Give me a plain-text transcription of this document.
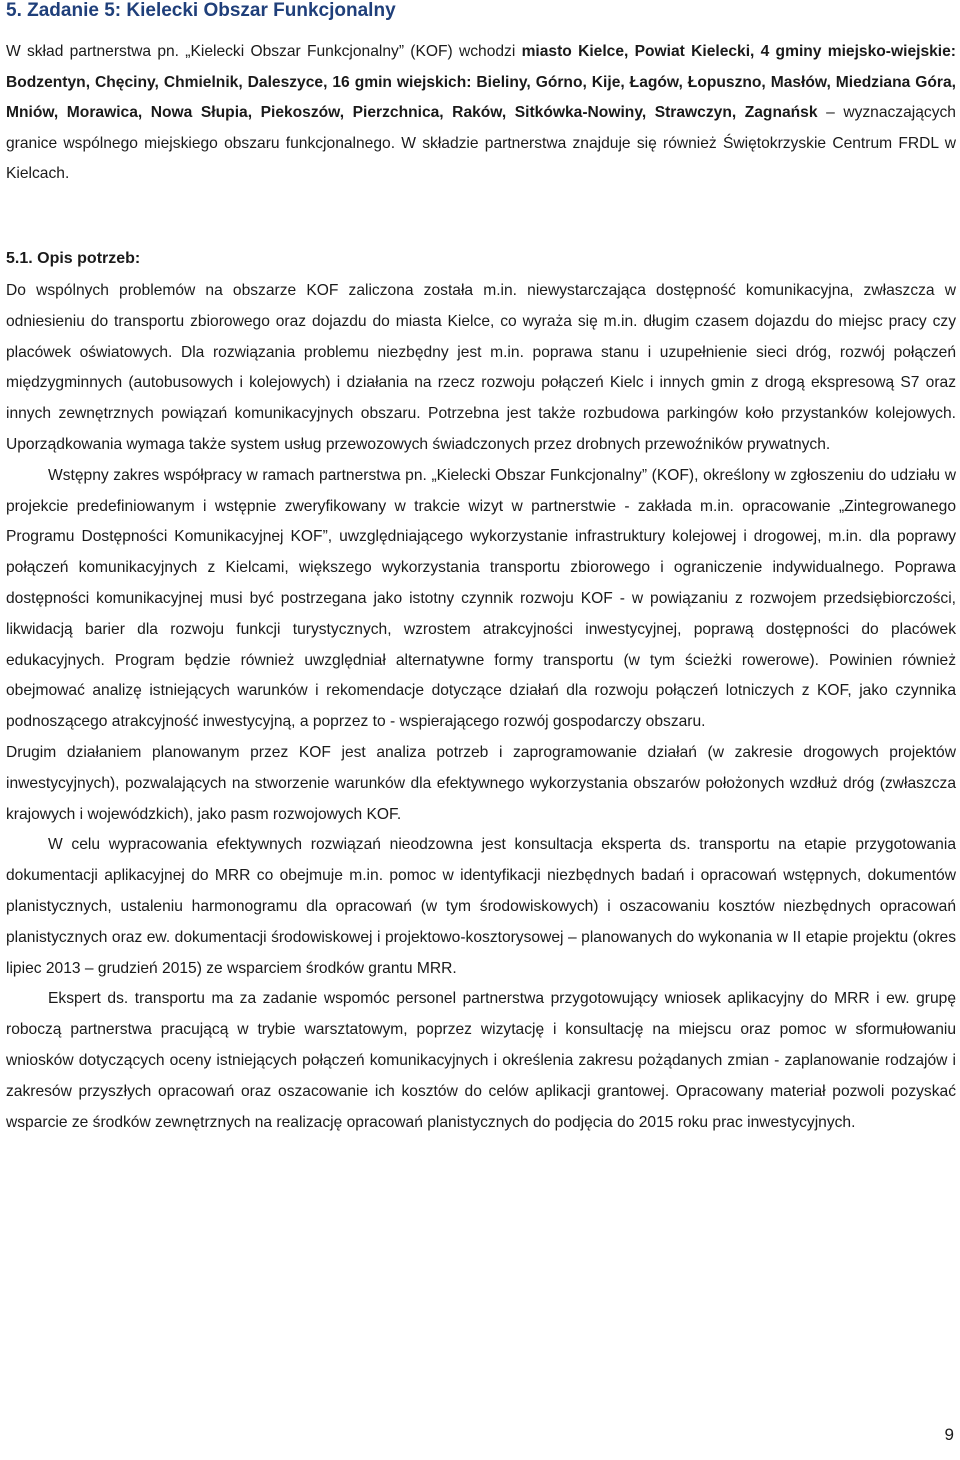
5. Zadanie 5: Kielecki Obszar Funkcjonalny

W skład partnerstwa pn. „Kielecki Obszar Funkcjonalny” (KOF) wchodzi miasto Kielce, Powiat Kielecki, 4 gminy miejsko-wiejskie: Bodzentyn, Chęciny, Chmielnik, Daleszyce, 16 gmin wiejskich: Bieliny, Górno, Kije, Łagów, Łopuszno, Masłów, Miedziana Góra, Mniów, Morawica, Nowa Słupia, Piekoszów, Pierzchnica, Raków, Sitkówka-Nowiny, Strawczyn, Zagnańsk – wyznaczających granice wspólnego miejskiego obszaru funkcjonalnego. W składzie partnerstwa znajduje się również Świętokrzyskie Centrum FRDL w Kielcach.

5.1. Opis potrzeb:

Do wspólnych problemów na obszarze KOF zaliczona została m.in. niewystarczająca dostępność komunikacyjna, zwłaszcza w odniesieniu do transportu zbiorowego oraz dojazdu do miasta Kielce, co wyraża się m.in. długim czasem dojazdu do miejsc pracy czy placówek oświatowych. Dla rozwiązania problemu niezbędny jest m.in. poprawa stanu i uzupełnienie sieci dróg, rozwój połączeń międzygminnych (autobusowych i kolejowych) i działania na rzecz rozwoju połączeń Kielc i innych gmin z drogą ekspresową S7 oraz innych zewnętrznych powiązań komunikacyjnych obszaru. Potrzebna jest także rozbudowa parkingów koło przystanków kolejowych. Uporządkowania wymaga także system usług przewozowych świadczonych przez drobnych przewoźników prywatnych.

Wstępny zakres współpracy w ramach partnerstwa pn. „Kielecki Obszar Funkcjonalny” (KOF), określony w zgłoszeniu do udziału w projekcie predefiniowanym i wstępnie zweryfikowany w trakcie wizyt w partnerstwie - zakłada m.in. opracowanie „Zintegrowanego Programu Dostępności Komunikacyjnej KOF”, uwzględniającego wykorzystanie infrastruktury kolejowej i drogowej, m.in. dla poprawy połączeń komunikacyjnych z Kielcami, większego wykorzystania transportu zbiorowego i ograniczenie indywidualnego. Poprawa dostępności komunikacyjnej musi być postrzegana jako istotny czynnik rozwoju KOF - w powiązaniu z rozwojem przedsiębiorczości, likwidacją barier dla rozwoju funkcji turystycznych, wzrostem atrakcyjności inwestycyjnej, poprawą dostępności do placówek edukacyjnych. Program będzie również uwzględniał alternatywne formy transportu (w tym ścieżki rowerowe). Powinien również obejmować analizę istniejących warunków i rekomendacje dotyczące działań dla rozwoju połączeń lotniczych z KOF, jako czynnika podnoszącego atrakcyjność inwestycyjną, a poprzez to - wspierającego rozwój gospodarczy obszaru.

Drugim działaniem planowanym przez KOF jest analiza potrzeb i zaprogramowanie działań (w zakresie drogowych projektów inwestycyjnych), pozwalających na stworzenie warunków dla efektywnego wykorzystania obszarów położonych wzdłuż dróg (zwłaszcza krajowych i wojewódzkich), jako pasm rozwojowych KOF.

W celu wypracowania efektywnych rozwiązań nieodzowna jest konsultacja eksperta ds. transportu na etapie przygotowania dokumentacji aplikacyjnej do MRR co obejmuje m.in. pomoc w identyfikacji niezbędnych badań i opracowań wstępnych, dokumentów planistycznych, ustaleniu harmonogramu dla opracowań (w tym środowiskowych) i oszacowaniu kosztów niezbędnych opracowań planistycznych oraz ew. dokumentacji środowiskowej i projektowo-kosztorysowej – planowanych do wykonania w II etapie projektu (okres lipiec 2013 – grudzień 2015) ze wsparciem środków grantu MRR.

Ekspert ds. transportu ma za zadanie wspomóc personel partnerstwa przygotowujący wniosek aplikacyjny do MRR i ew. grupę roboczą partnerstwa pracującą w trybie warsztatowym, poprzez wizytację i konsultację na miejscu oraz pomoc w sformułowaniu wniosków dotyczących oceny istniejących połączeń komunikacyjnych i określenia zakresu pożądanych zmian - zaplanowanie rodzajów i zakresów przyszłych opracowań oraz oszacowanie ich kosztów do celów aplikacji grantowej. Opracowany materiał pozwoli pozyskać wsparcie ze środków zewnętrznych na realizację opracowań planistycznych do podjęcia do 2015 roku prac inwestycyjnych.

9
